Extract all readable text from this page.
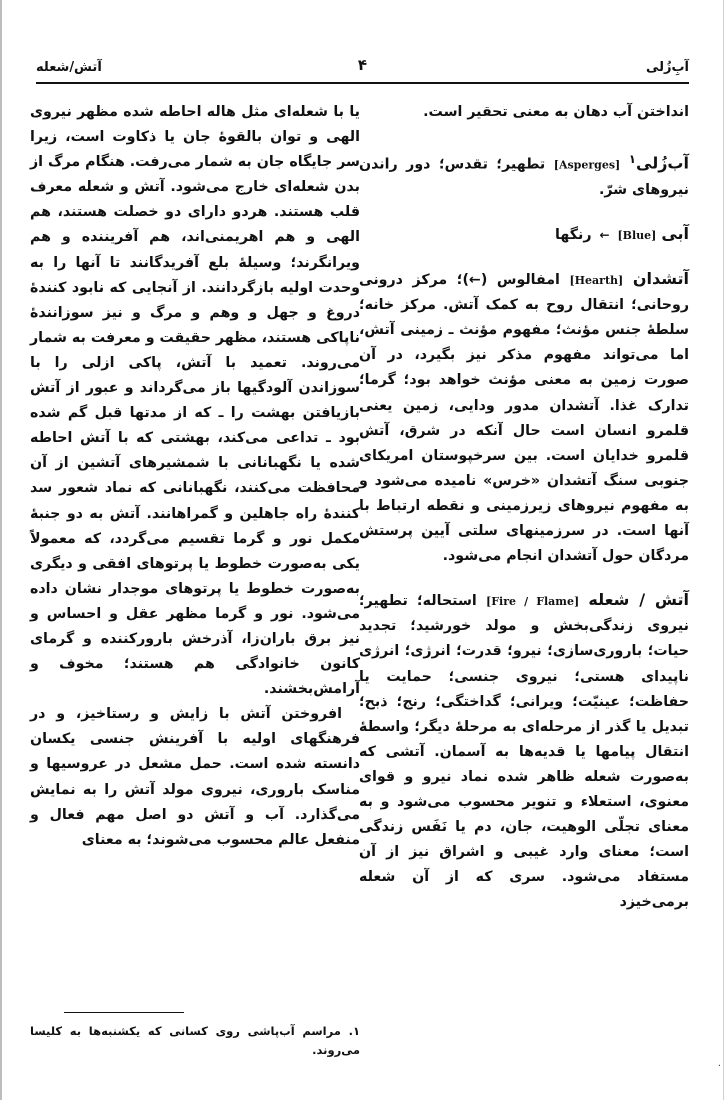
آبِ‌زُلی
۴
آتش/شعله

انداختن آب دهان به معنی تحقیر است.

آب‌زُلی$^۱$ [Asperges] تطهیر؛ تقدس؛ دور راندن نیروهای شرّ.

آبی [Blue] ← رنگها

آتشدان [Hearth] امفالوس (←)؛ مرکز درونی روحانی؛ انتقال روح به کمک آتش. مرکز خانه؛ سلطهٔ جنس مؤنث؛ مفهوم مؤنث ـ زمینی آتش، اما می‌تواند مفهوم مذکر نیز بگیرد، در آن صورت زمین به معنی مؤنث خواهد بود؛ گرما؛ تدارک غذا. آتشدان مدور ودایی، زمین یعنی قلمرو انسان است حال آنکه در شرق، آتش قلمرو خدایان است. بین سرخپوستان امریکای جنوبی سنگ آتشدان «خرس» نامیده می‌شود و به مفهوم نیروهای زیرزمینی و نقطه ارتباط با آنها است. در سرزمینهای سلتی آیین پرستش مردگان حول آتشدان انجام می‌شود.

آتش / شعله [Fire / Flame] استحاله؛ تطهیر؛ نیروی زندگی‌بخش و مولد خورشید؛ تجدید حیات؛ باروری‌سازی؛ نیرو؛ قدرت؛ انرژی؛ انرژی ناپیدای هستی؛ نیروی جنسی؛ حمایت یا حفاظت؛ عینیّت؛ ویرانی؛ گداختگی؛ رنج؛ ذبح؛ تبدیل یا گذر از مرحله‌ای به مرحلهٔ دیگر؛ واسطهٔ انتقال پیامها یا قدیه‌ها به آسمان. آتشی که به‌صورت شعله ظاهر شده نماد نیرو و قوای معنوی، استعلاء و تنویر محسوب می‌شود و به معنای تجلّی الوهیت، جان، دم یا نَفَس زندگی است؛ معنای وارد غیبی و اشراق نیز از آن مستفاد می‌شود. سری که از آن شعله برمی‌خیزد

یا با شعله‌ای مثل هاله احاطه شده مظهر نیروی الهی و توان بالقوهٔ جان یا ذکاوت است، زیرا سر جایگاه جان به شمار می‌رفت. هنگام مرگ از بدن شعله‌ای خارج می‌شود. آتش و شعله معرف قلب هستند. هردو دارای دو خصلت هستند، هم الهی و هم اهریمنی‌اند، هم آفریننده و هم ویرانگرند؛ وسیلهٔ بلع آفریدگانند تا آنها را به وحدت اولیه بازگردانند. از آنجایی که نابود کنندهٔ دروغ و جهل و وهم و مرگ و نیز سوزانندهٔ ناپاکی هستند، مظهر حقیقت و معرفت به شمار می‌روند. تعمید با آتش، پاکی ازلی را با سوزاندن آلودگیها باز می‌گرداند و عبور از آتش بازیافتن بهشت را ـ که از مدتها قبل گم شده بود ـ تداعی می‌کند، بهشتی که با آتش احاطه شده یا نگهبانانی با شمشیرهای آتشین از آن محافظت می‌کنند، نگهبانانی که نماد شعور سد کنندهٔ راه جاهلین و گمراهانند. آتش به دو جنبهٔ مکمل نور و گرما تقسیم می‌گردد، که معمولاً یکی به‌صورت خطوط یا پرتوهای افقی و دیگری به‌صورت خطوط یا پرتوهای موجدار نشان داده می‌شود. نور و گرما مظهر عقل و احساس و نیز برق باران‌زا، آذرخش بارورکننده و گرمای کانون خانوادگی هم هستند؛ مخوف و آرامش‌بخشند.

افروختن آتش با زایش و رستاخیز، و در فرهنگهای اولیه با آفرینش جنسی یکسان دانسته شده است. حمل مشعل در عروسیها و مناسک باروری، نیروی مولد آتش را به نمایش می‌گذارد. آب و آتش دو اصل مهم فعال و منفعل عالم محسوب می‌شوند؛ به معنای

۱. مراسم آب‌پاشی روی کسانی که یکشنبه‌ها به کلیسا می‌روند.

.
